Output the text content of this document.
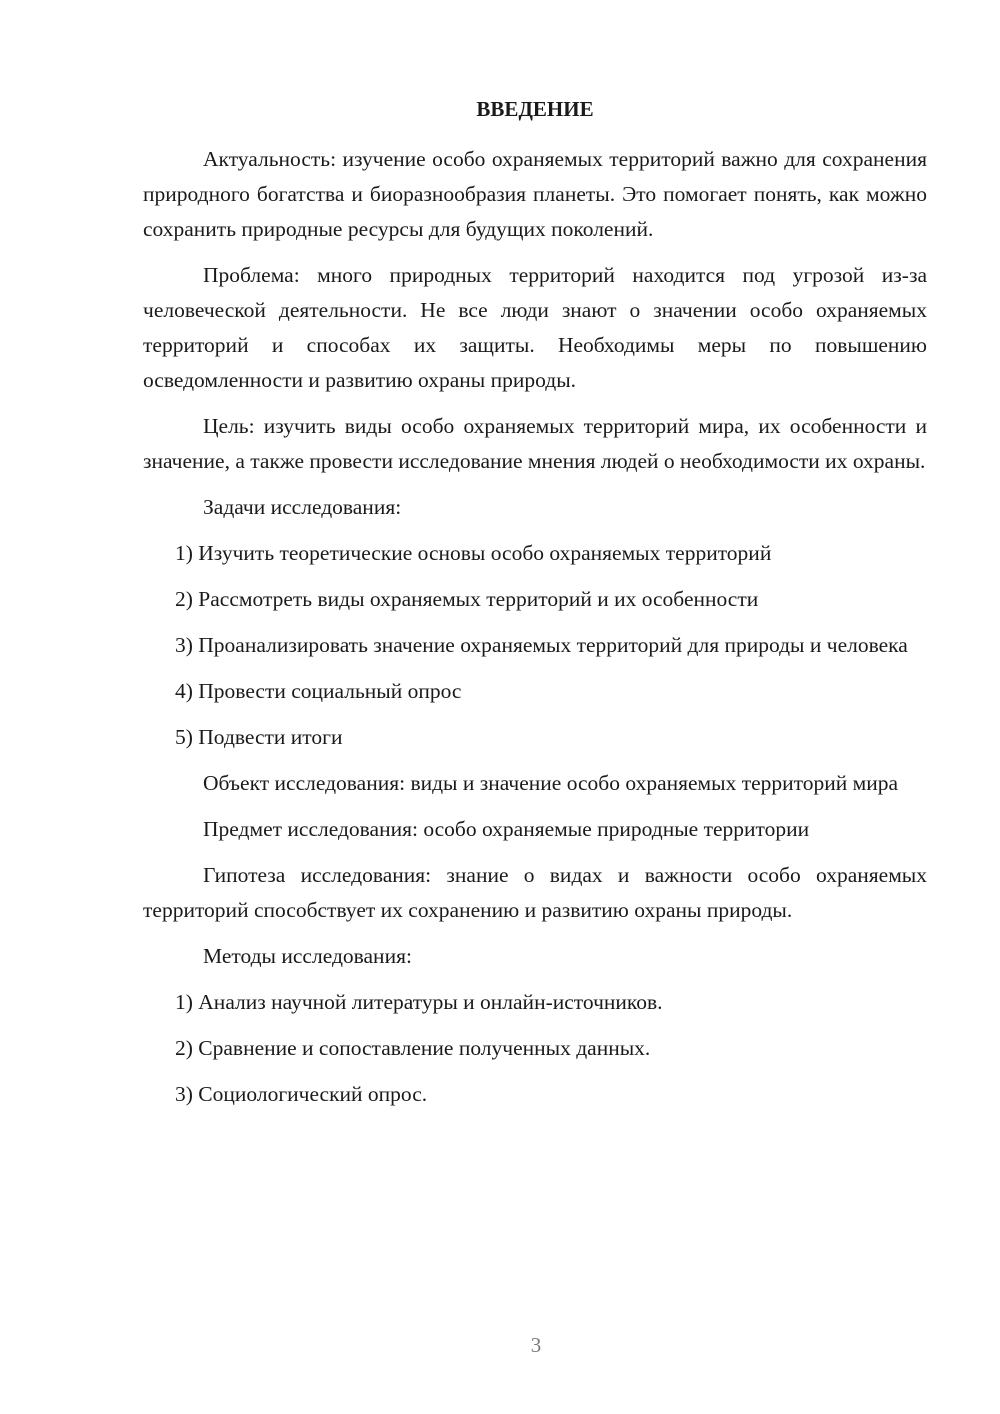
ВВЕДЕНИЕ

Актуальность: изучение особо охраняемых территорий важно для сохранения природного богатства и биоразнообразия планеты. Это помогает понять, как можно сохранить природные ресурсы для будущих поколений.

Проблема: много природных территорий находится под угрозой из-за человеческой деятельности. Не все люди знают о значении особо охраняемых территорий и способах их защиты. Необходимы меры по повышению осведомленности и развитию охраны природы.

Цель: изучить виды особо охраняемых территорий мира, их особенности и значение, а также провести исследование мнения людей о необходимости их охраны.

Задачи исследования:

1) Изучить теоретические основы особо охраняемых территорий

2) Рассмотреть виды охраняемых территорий и их особенности

3) Проанализировать значение охраняемых территорий для природы и человека

4) Провести социальный опрос

5) Подвести итоги

Объект исследования: виды и значение особо охраняемых территорий мира

Предмет исследования: особо охраняемые природные территории

Гипотеза исследования: знание о видах и важности особо охраняемых территорий способствует их сохранению и развитию охраны природы.

Методы исследования:

1) Анализ научной литературы и онлайн-источников.

2) Сравнение и сопоставление полученных данных.

3) Социологический опрос.

3
